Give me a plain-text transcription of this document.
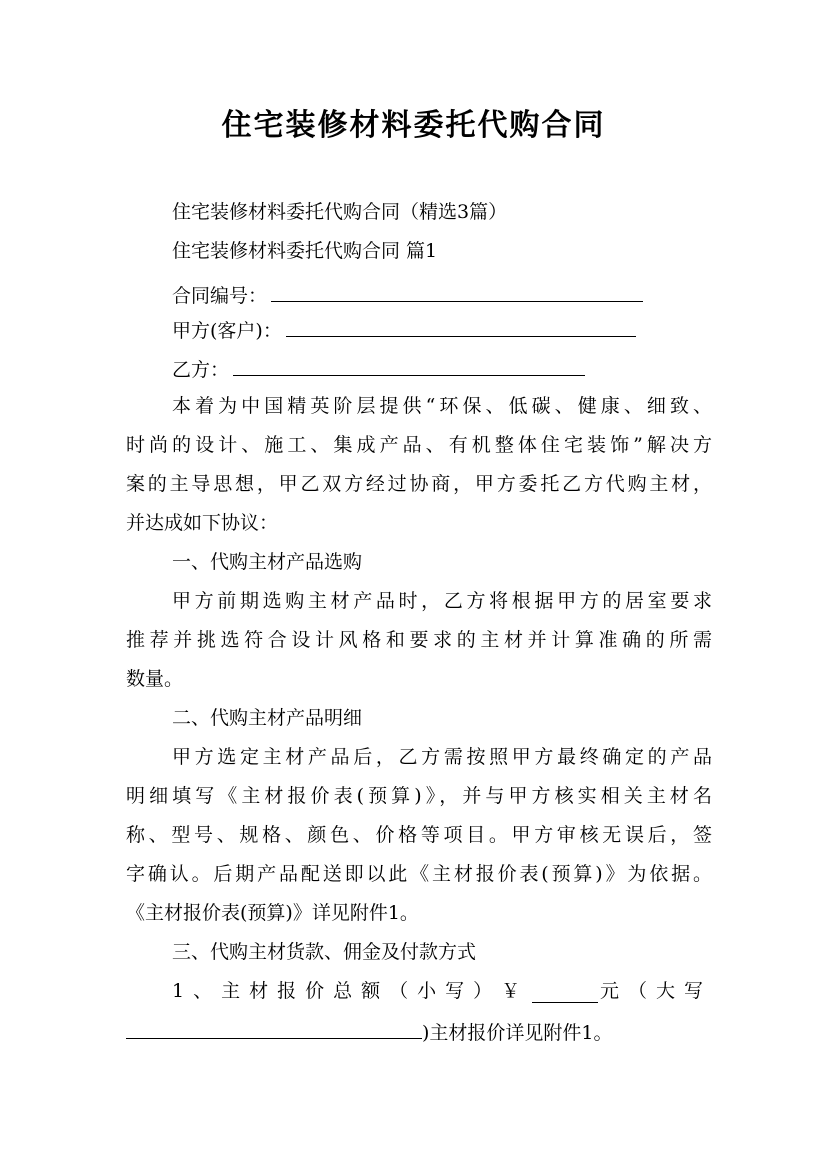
住宅装修材料委托代购合同
住宅装修材料委托代购合同（精选3篇）
住宅装修材料委托代购合同 篇1
合同编号：
甲方(客户)：
乙方：
本着为中国精英阶层提供“环保、低碳、健康、细致、
时尚的设计、施工、集成产品、有机整体住宅装饰”解决方
案的主导思想，甲乙双方经过协商，甲方委托乙方代购主材，
并达成如下协议：
一、代购主材产品选购
甲方前期选购主材产品时，乙方将根据甲方的居室要求
推荐并挑选符合设计风格和要求的主材并计算准确的所需
数量。
二、代购主材产品明细
甲方选定主材产品后，乙方需按照甲方最终确定的产品
明细填写《主材报价表(预算)》，并与甲方核实相关主材名
称、型号、规格、颜色、价格等项目。甲方审核无误后，签
字确认。后期产品配送即以此《主材报价表(预算)》为依据。
《主材报价表(预算)》详见附件1。
三、代购主材货款、佣金及付款方式
1、主材报价总额（小写）￥	元（大写
)主材报价详见附件1。
